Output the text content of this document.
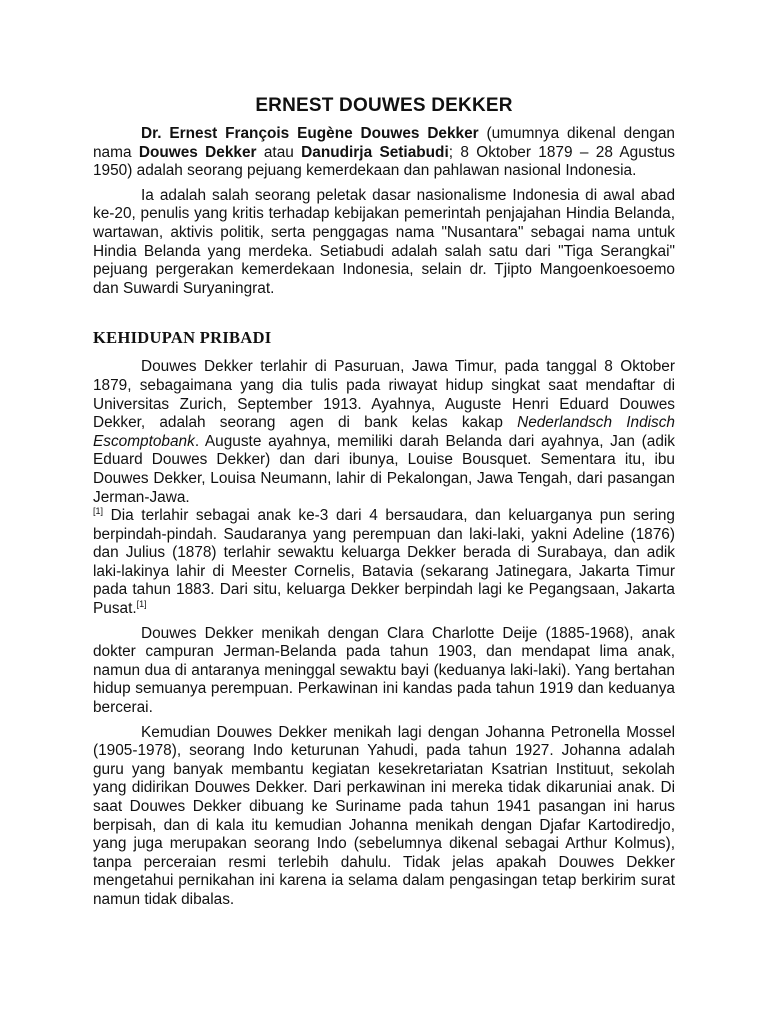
ERNEST DOUWES DEKKER

Dr. Ernest François Eugène Douwes Dekker (umumnya dikenal dengan nama Douwes Dekker atau Danudirja Setiabudi; 8 Oktober 1879 – 28 Agustus 1950) adalah seorang pejuang kemerdekaan dan pahlawan nasional Indonesia.

Ia adalah salah seorang peletak dasar nasionalisme Indonesia di awal abad ke-20, penulis yang kritis terhadap kebijakan pemerintah penjajahan Hindia Belanda, wartawan, aktivis politik, serta penggagas nama "Nusantara" sebagai nama untuk Hindia Belanda yang merdeka. Setiabudi adalah salah satu dari "Tiga Serangkai" pejuang pergerakan kemerdekaan Indonesia, selain dr. Tjipto Mangoenkoesoemo dan Suwardi Suryaningrat.

KEHIDUPAN PRIBADI

Douwes Dekker terlahir di Pasuruan, Jawa Timur, pada tanggal 8 Oktober 1879, sebagaimana yang dia tulis pada riwayat hidup singkat saat mendaftar di Universitas Zurich, September 1913. Ayahnya, Auguste Henri Eduard Douwes Dekker, adalah seorang agen di bank kelas kakap Nederlandsch Indisch Escomptobank. Auguste ayahnya, memiliki darah Belanda dari ayahnya, Jan (adik Eduard Douwes Dekker) dan dari ibunya, Louise Bousquet. Sementara itu, ibu Douwes Dekker, Louisa Neumann, lahir di Pekalongan, Jawa Tengah, dari pasangan Jerman-Jawa.
[1] Dia terlahir sebagai anak ke-3 dari 4 bersaudara, dan keluarganya pun sering berpindah-pindah. Saudaranya yang perempuan dan laki-laki, yakni Adeline (1876) dan Julius (1878) terlahir sewaktu keluarga Dekker berada di Surabaya, dan adik laki-lakinya lahir di Meester Cornelis, Batavia (sekarang Jatinegara, Jakarta Timur pada tahun 1883. Dari situ, keluarga Dekker berpindah lagi ke Pegangsaan, Jakarta Pusat.[1]

Douwes Dekker menikah dengan Clara Charlotte Deije (1885-1968), anak dokter campuran Jerman-Belanda pada tahun 1903, dan mendapat lima anak, namun dua di antaranya meninggal sewaktu bayi (keduanya laki-laki). Yang bertahan hidup semuanya perempuan. Perkawinan ini kandas pada tahun 1919 dan keduanya bercerai.

Kemudian Douwes Dekker menikah lagi dengan Johanna Petronella Mossel (1905-1978), seorang Indo keturunan Yahudi, pada tahun 1927. Johanna adalah guru yang banyak membantu kegiatan kesekretariatan Ksatrian Instituut, sekolah yang didirikan Douwes Dekker. Dari perkawinan ini mereka tidak dikaruniai anak. Di saat Douwes Dekker dibuang ke Suriname pada tahun 1941 pasangan ini harus berpisah, dan di kala itu kemudian Johanna menikah dengan Djafar Kartodiredjo, yang juga merupakan seorang Indo (sebelumnya dikenal sebagai Arthur Kolmus), tanpa perceraian resmi terlebih dahulu. Tidak jelas apakah Douwes Dekker mengetahui pernikahan ini karena ia selama dalam pengasingan tetap berkirim surat namun tidak dibalas.
